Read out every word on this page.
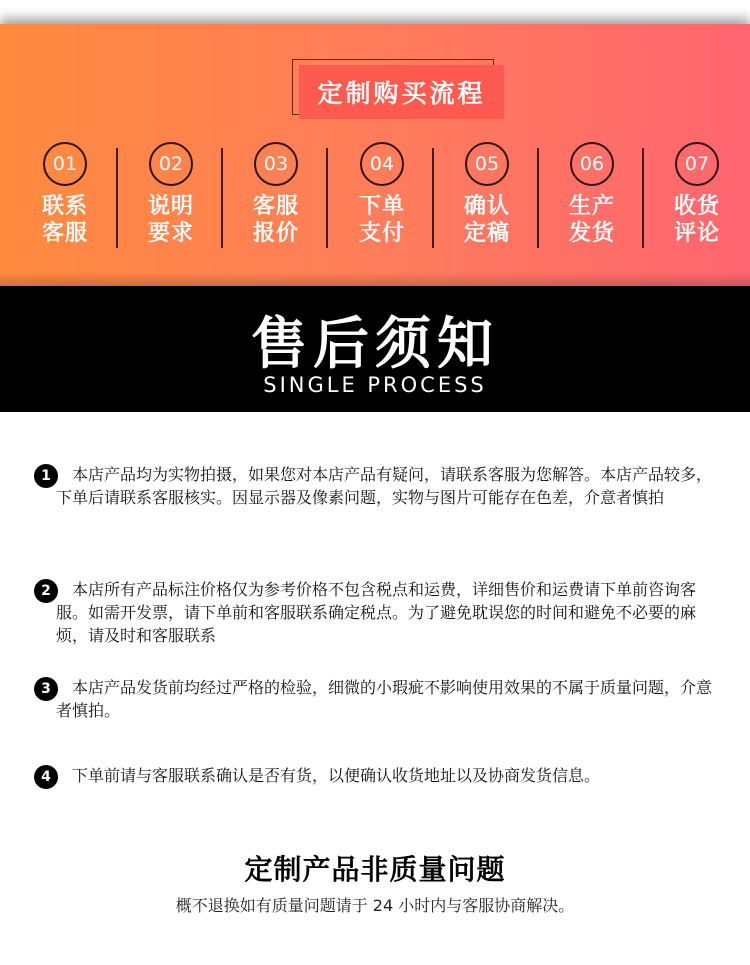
定制购买流程
01
联系
客服
02
说明
要求
03
客服
报价
04
下单
支付
05
确认
定稿
06
生产
发货
07
收货
评论
售后须知
SINGLE PROCESS
1	本店产品均为实物拍摄，如果您对本店产品有疑问，请联系客服为您解答。本店产品较多，下单后请联系客服核实。因显示器及像素问题，实物与图片可能存在色差，介意者慎拍
2	本店所有产品标注价格仅为参考价格不包含税点和运费，详细售价和运费请下单前咨询客服。如需开发票，请下单前和客服联系确定税点。为了避免耽误您的时间和避免不必要的麻烦，请及时和客服联系
3	本店产品发货前均经过严格的检验，细微的小瑕疵不影响使用效果的不属于质量问题，介意者慎拍。
4	下单前请与客服联系确认是否有货，以便确认收货地址以及协商发货信息。
定制产品非质量问题
概不退换如有质量问题请于 24 小时内与客服协商解决。
